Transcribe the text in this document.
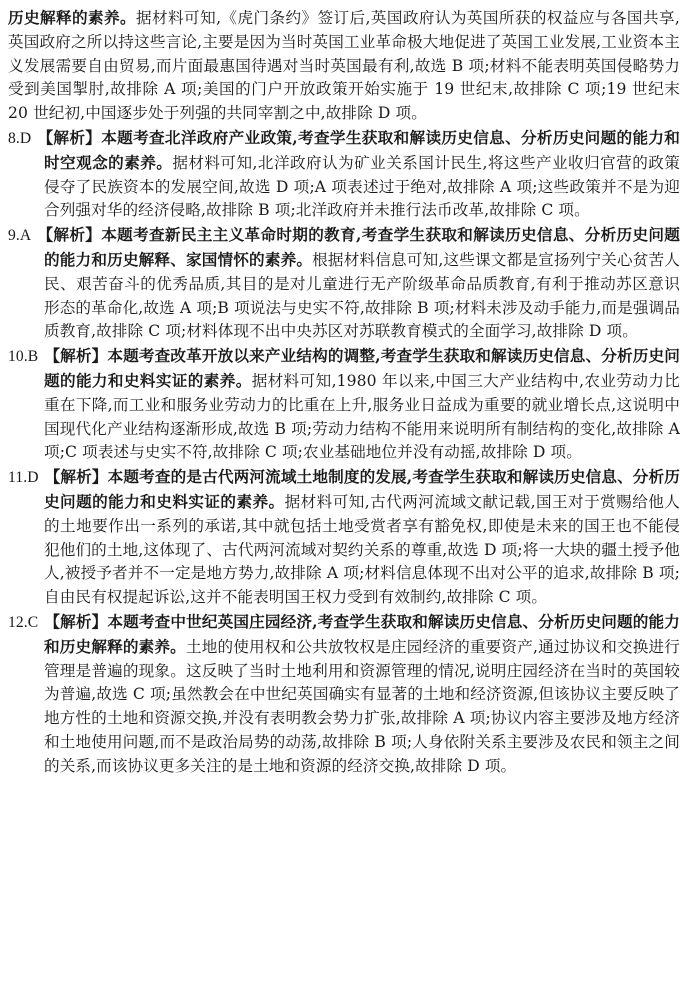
历史解释的素养。据材料可知,《虎门条约》签订后,英国政府认为英国所获的权益应与各国共享,英国政府之所以持这些言论,主要是因为当时英国工业革命极大地促进了英国工业发展,工业资本主义发展需要自由贸易,而片面最惠国待遇对当时英国最有利,故选 B 项;材料不能表明英国侵略势力受到美国掣肘,故排除 A 项;美国的门户开放政策开始实施于 19 世纪末,故排除 C 项;19 世纪末 20 世纪初,中国逐步处于列强的共同宰割之中,故排除 D 项。

8.D 【解析】本题考查北洋政府产业政策,考查学生获取和解读历史信息、分析历史问题的能力和时空观念的素养。据材料可知,北洋政府认为矿业关系国计民生,将这些产业收归官营的政策侵夺了民族资本的发展空间,故选 D 项;A 项表述过于绝对,故排除 A 项;这些政策并不是为迎合列强对华的经济侵略,故排除 B 项;北洋政府并未推行法币改革,故排除 C 项。

9.A 【解析】本题考查新民主主义革命时期的教育,考查学生获取和解读历史信息、分析历史问题的能力和历史解释、家国情怀的素养。根据材料信息可知,这些课文都是宣扬列宁关心贫苦人民、艰苦奋斗的优秀品质,其目的是对儿童进行无产阶级革命品质教育,有利于推动苏区意识形态的革命化,故选 A 项;B 项说法与史实不符,故排除 B 项;材料未涉及动手能力,而是强调品质教育,故排除 C 项;材料体现不出中央苏区对苏联教育模式的全面学习,故排除 D 项。

10.B 【解析】本题考查改革开放以来产业结构的调整,考查学生获取和解读历史信息、分析历史问题的能力和史料实证的素养。据材料可知,1980 年以来,中国三大产业结构中,农业劳动力比重在下降,而工业和服务业劳动力的比重在上升,服务业日益成为重要的就业增长点,这说明中国现代化产业结构逐渐形成,故选 B 项;劳动力结构不能用来说明所有制结构的变化,故排除 A 项;C 项表述与史实不符,故排除 C 项;农业基础地位并没有动摇,故排除 D 项。

11.D 【解析】本题考查的是古代两河流域土地制度的发展,考查学生获取和解读历史信息、分析历史问题的能力和史料实证的素养。据材料可知,古代两河流域文献记载,国王对于赏赐给他人的土地要作出一系列的承诺,其中就包括土地受赏者享有豁免权,即使是未来的国王也不能侵犯他们的土地,这体现了、古代两河流域对契约关系的尊重,故选 D 项;将一大块的疆土授予他人,被授予者并不一定是地方势力,故排除 A 项;材料信息体现不出对公平的追求,故排除 B 项;自由民有权提起诉讼,这并不能表明国王权力受到有效制约,故排除 C 项。

12.C 【解析】本题考查中世纪英国庄园经济,考查学生获取和解读历史信息、分析历史问题的能力和历史解释的素养。土地的使用权和公共放牧权是庄园经济的重要资产,通过协议和交换进行管理是普遍的现象。这反映了当时土地利用和资源管理的情况,说明庄园经济在当时的英国较为普遍,故选 C 项;虽然教会在中世纪英国确实有显著的土地和经济资源,但该协议主要反映了地方性的土地和资源交换,并没有表明教会势力扩张,故排除 A 项;协议内容主要涉及地方经济和土地使用问题,而不是政治局势的动荡,故排除 B 项;人身依附关系主要涉及农民和领主之间的关系,而该协议更多关注的是土地和资源的经济交换,故排除 D 项。
